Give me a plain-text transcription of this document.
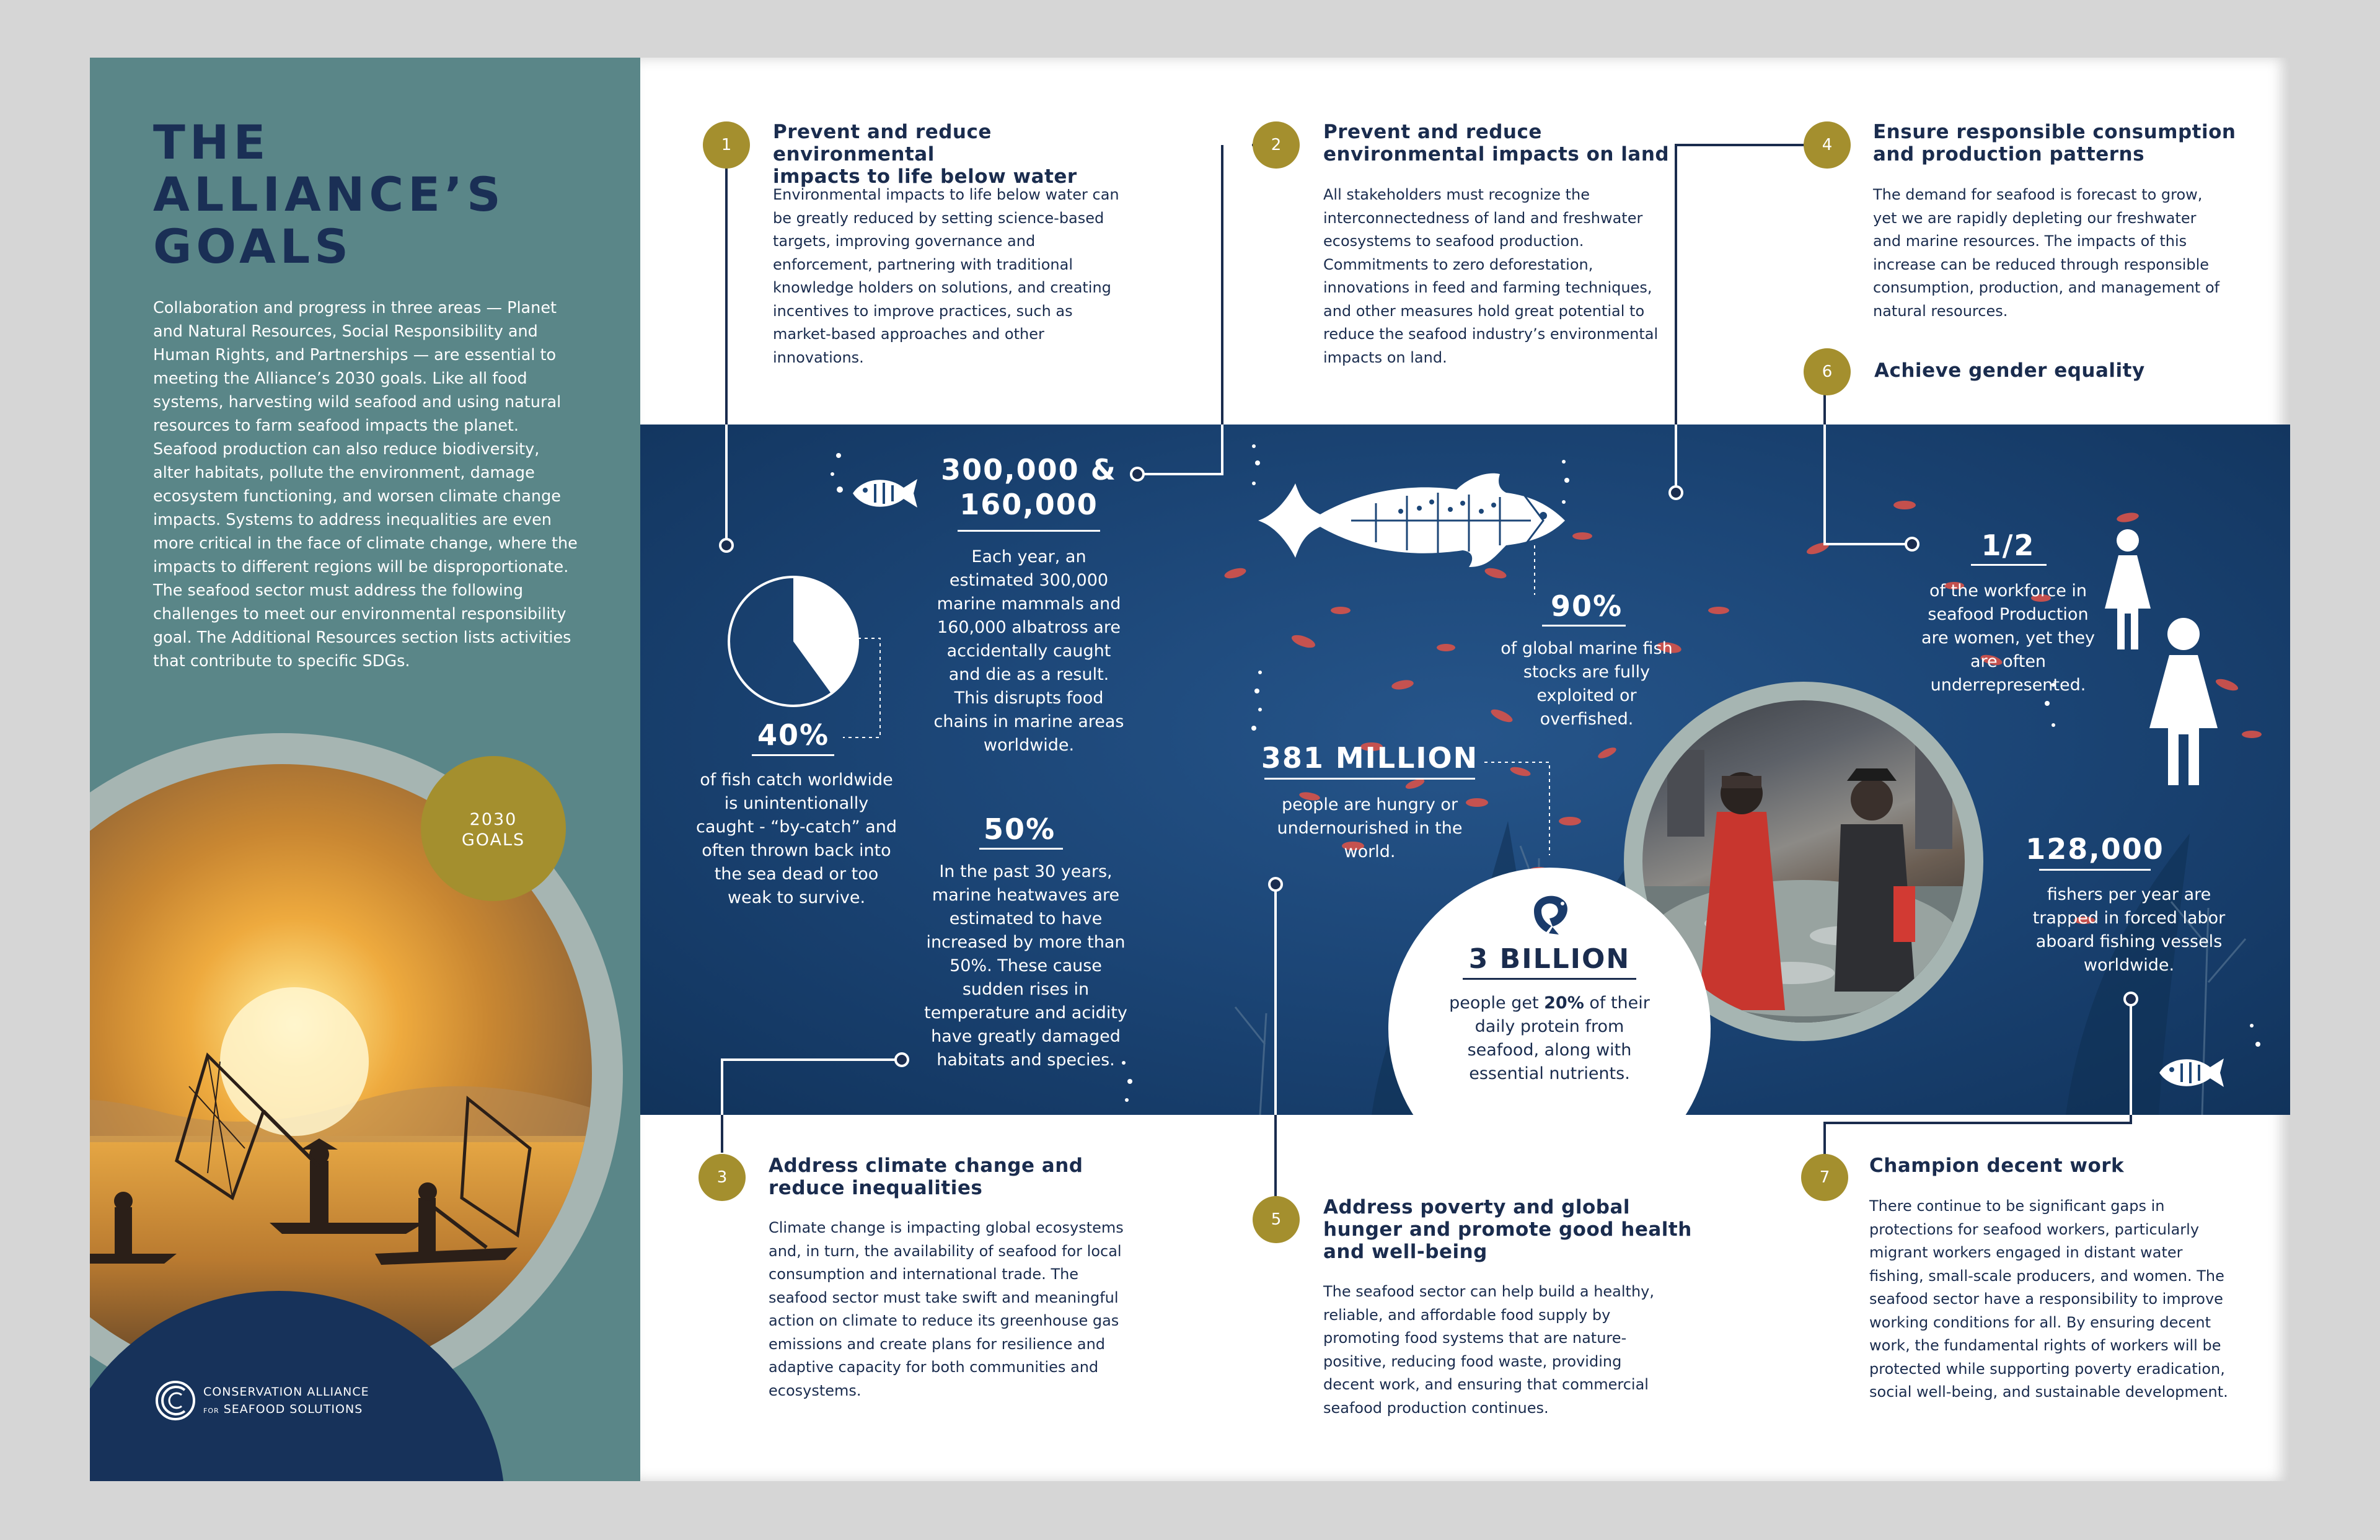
THE
ALLIANCE’S
GOALS
Collaboration and progress in three areas — Planet and Natural Resources, Social Responsibility and Human Rights, and Partnerships — are essential to meeting the Alliance’s 2030 goals. Like all food systems, harvesting wild seafood and using natural resources to farm seafood impacts the planet. Seafood production can also reduce biodiversity, alter habitats, pollute the environment, damage ecosystem functioning, and worsen climate change impacts. Systems to address inequalities are even more critical in the face of climate change, where the impacts to different regions will be disproportionate. The seafood sector must address the following challenges to meet our environmental responsibility goal. The Additional Resources section lists activities that contribute to specific SDGs.
2030
GOALS
CONSERVATION ALLIANCE
FOR SEAFOOD SOLUTIONS
1	2	4
6
3
5
7
Prevent and reduce environmental
impacts to life below water
Environmental impacts to life below water can be greatly reduced by setting science-based targets, improving governance and enforcement, partnering with traditional knowledge holders on solutions, and creating incentives to improve practices, such as market-based approaches and other innovations.
Prevent and reduce
environmental impacts on land
All stakeholders must recognize the interconnectedness of land and freshwater ecosystems to seafood production. Commitments to zero deforestation, innovations in feed and farming techniques, and other measures hold great potential to reduce the seafood industry’s environmental impacts on land.
Ensure responsible consumption
and production patterns
The demand for seafood is forecast to grow, yet we are rapidly depleting our freshwater and marine resources. The impacts of this increase can be reduced through responsible consumption, production, and management of natural resources.
Achieve gender equality
Address climate change and
reduce inequalities
Climate change is impacting global ecosystems and, in turn, the availability of seafood for local consumption and international trade. The seafood sector must take swift and meaningful action on climate to reduce its greenhouse gas emissions and create plans for resilience and adaptive capacity for both communities and ecosystems.
Address poverty and global
hunger and promote good health
and well-being
The seafood sector can help build a healthy, reliable, and affordable food supply by promoting food systems that are nature-positive, reducing food waste, providing decent work, and ensuring that commercial seafood production continues.
Champion decent work
There continue to be significant gaps in protections for seafood workers, particularly migrant workers engaged in distant water fishing, small-scale producers, and women. The seafood sector have a responsibility to improve working conditions for all. By ensuring decent work, the fundamental rights of workers will be protected while supporting poverty eradication, social well-being, and sustainable development.
40%
of fish catch worldwide is unintentionally caught - “by-catch” and often thrown back into the sea dead or too weak to survive.
300,000 &
160,000
Each year, an estimated 300,000 marine mammals and 160,000 albatross are accidentally caught and die as a result. This disrupts food chains in marine areas worldwide.
50%
In the past 30 years, marine heatwaves are estimated to have increased by more than 50%. These cause sudden rises in temperature and acidity have greatly damaged habitats and species.
90%
of global marine fish stocks are fully exploited or overfished.
381 MILLION
people are hungry or undernourished in the world.
3 BILLION
people get 20% of their daily protein from seafood, along with essential nutrients.
1/2
of the workforce in seafood Production are women, yet they are often underrepresented.
128,000
fishers per year are trapped in forced labor aboard fishing vessels worldwide.
